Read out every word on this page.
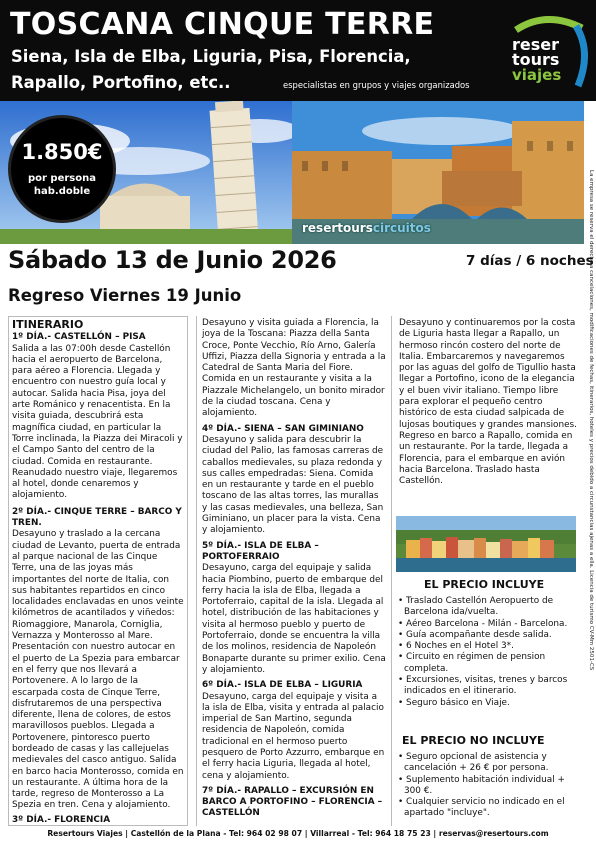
TOSCANA CINQUE TERRE
Siena, Isla de Elba, Liguria, Pisa, Florencia,
Rapallo, Portofino, etc..	especialistas en grupos y viajes organizados
reser
tours
viajes
1.850€
por persona
hab.doble
resertourscircuitos
Sábado 13 de Junio 2026	7 días / 6 noches
Regreso Viernes 19 Junio
ITINERARIO
1º DÍA.- CASTELLÓN – PISA
Salida a las 07:00h desde Castellón hacia el aeropuerto de Barcelona, para aéreo a Florencia. Llegada y encuentro con nuestro guía local y autocar. Salida hacia Pisa, joya del arte Románico y renacentista. En la visita guiada, descubrirá esta magnífica ciudad, en particular la Torre inclinada, la Piazza dei Miracoli y el Campo Santo del centro de la ciudad. Comida en restaurante. Reanudado nuestro viaje, llegaremos al hotel, donde cenaremos y alojamiento.
2º DÍA.- CINQUE TERRE – BARCO Y TREN.
Desayuno y traslado a la cercana ciudad de Levanto, puerta de entrada al parque nacional de las Cinque Terre, una de las joyas más importantes del norte de Italia, con sus habitantes repartidos en cinco localidades enclavadas en unos veinte kilómetros de acantilados y viñedos: Riomaggiore, Manarola, Corniglia, Vernazza y Monterosso al Mare. Presentación con nuestro autocar en el puerto de La Spezia para embarcar en el ferry que nos llevará a Portovenere. A lo largo de la escarpada costa de Cinque Terre, disfrutaremos de una perspectiva diferente, llena de colores, de estos maravillosos pueblos. Llegada a Portovenere, pintoresco puerto bordeado de casas y las callejuelas medievales del casco antiguo. Salida en barco hacia Monterosso, comida en un restaurante. A última hora de la tarde, regreso de Monterosso a La Spezia en tren. Cena y alojamiento.
3º DÍA.- FLORENCIA
Desayuno y visita guiada a Florencia, la joya de la Toscana: Piazza della Santa Croce, Ponte Vecchio, Río Arno, Galería Uffizi, Piazza della Signoria y entrada a la Catedral de Santa Maria del Fiore. Comida en un restaurante y visita a la Piazzale Michelangelo, un bonito mirador de la ciudad toscana. Cena y alojamiento.
4º DÍA.- SIENA – SAN GIMINIANO
Desayuno y salida para descubrir la ciudad del Palio, las famosas carreras de caballos medievales, su plaza redonda y sus calles empedradas: Siena. Comida en un restaurante y tarde en el pueblo toscano de las altas torres, las murallas y las casas medievales, una belleza, San Giminiano, un placer para la vista. Cena y alojamiento.
5º DÍA.- ISLA DE ELBA – PORTOFERRAIO
Desayuno, carga del equipaje y salida hacia Piombino, puerto de embarque del ferry hacia la isla de Elba, llegada a Portoferraio, capital de la isla. Llegada al hotel, distribución de las habitaciones y visita al hermoso pueblo y puerto de Portoferraio, donde se encuentra la villa de los molinos, residencia de Napoleón Bonaparte durante su primer exilio. Cena y alojamiento.
6º DÍA.- ISLA DE ELBA – LIGURIA
Desayuno, carga del equipaje y visita a la isla de Elba, visita y entrada al palacio imperial de San Martino, segunda residencia de Napoleón, comida tradicional en el hermoso puerto pesquero de Porto Azzurro, embarque en el ferry hacia Liguria, llegada al hotel, cena y alojamiento.
7º DÍA.- RAPALLO – EXCURSIÓN EN BARCO A PORTOFINO – FLORENCIA – CASTELLÓN
Desayuno y continuaremos por la costa de Liguria hasta llegar a Rapallo, un hermoso rincón costero del norte de Italia. Embarcaremos y navegaremos por las aguas del golfo de Tigullio hasta llegar a Portofino, icono de la elegancia y el buen vivir italiano. Tiempo libre para explorar el pequeño centro histórico de esta ciudad salpicada de lujosas boutiques y grandes mansiones. Regreso en barco a Rapallo, comida en un restaurante. Por la tarde, llegada a Florencia, para el embarque en avión hacia Barcelona. Traslado hasta Castellón.
EL PRECIO INCLUYE
• Traslado Castellón Aeropuerto de Barcelona ida/vuelta.
• Aéreo Barcelona - Milán - Barcelona.
• Guía acompañante desde salida.
• 6 Noches en el Hotel 3*.
• Circuito en régimen de pension completa.
• Excursiones, visitas, trenes y barcos indicados en el itinerario.
• Seguro básico en Viaje.
EL PRECIO NO INCLUYE
• Seguro opcional de asistencia y cancelación + 26 € por persona.
• Suplemento habitación individual + 300 €.
• Cualquier servicio no indicado en el apartado "incluye".
La empresa se reserva el derecho a cancelaciones, modificaciones de fechas, itinerarios, hoteles y precios debido a circunstancias ajenas a ella. Licencia de turismo CV-Mm 2501-CS
Resertours Viajes | Castellón de la Plana - Tel: 964 02 98 07 | Villarreal - Tel: 964 18 75 23 | reservas@resertours.com
